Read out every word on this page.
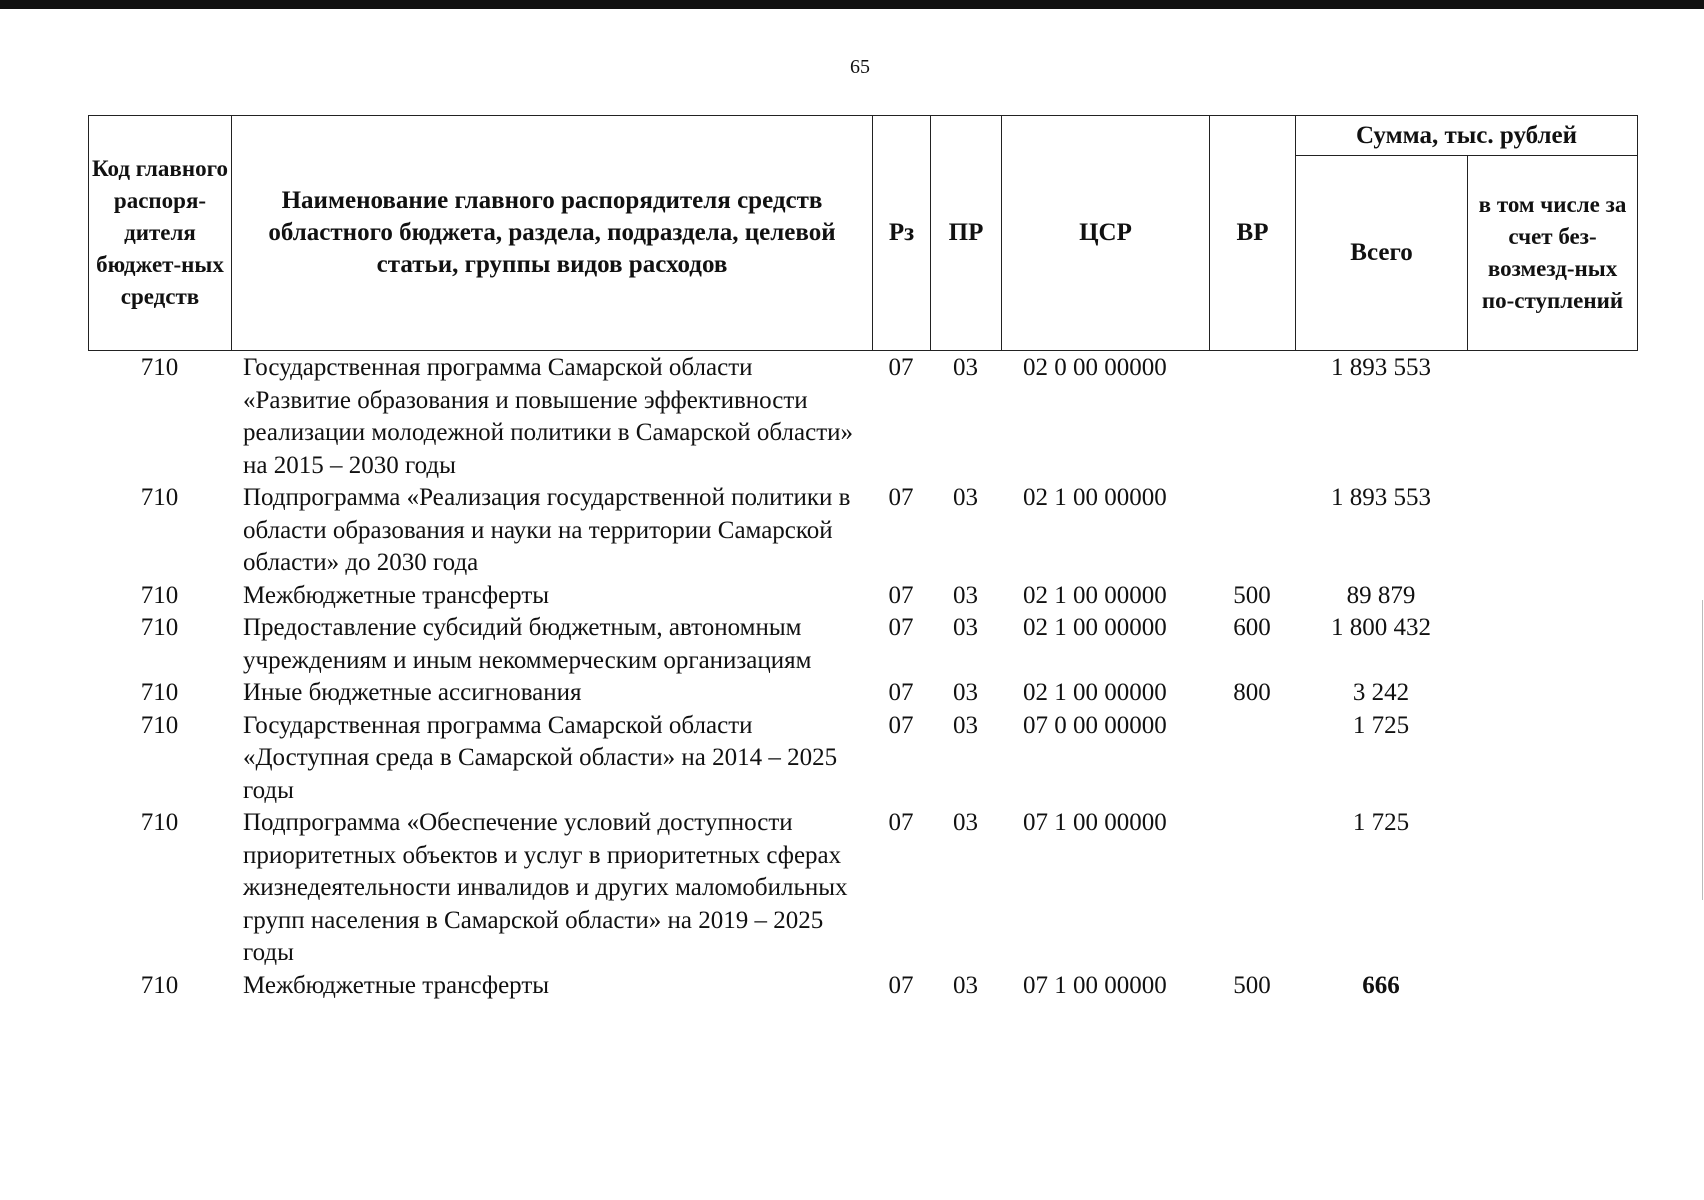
65
Код главного распоря-дителя бюджет-ных средств	Наименование главного распорядителя средств областного бюджета, раздела, подраздела, целевой статьи, группы видов расходов	Рз	ПР	ЦСР	ВР	Сумма, тыс. рублей	
						Всего	в том числе за счет без-возмезд-ных по-ступлений
710	Государственная программа Самарской области «Развитие образования и повышение эффективности реализации молодежной политики в Самарской области» на 2015 – 2030 годы	07	03	02 0 00 00000		1 893 553	
710	Подпрограмма «Реализация государственной политики в области образования и науки на территории Самарской области» до 2030 года	07	03	02 1 00 00000		1 893 553	
710	Межбюджетные трансферты	07	03	02 1 00 00000	500	89 879	
710	Предоставление субсидий бюджетным, автономным учреждениям и иным некоммерческим организациям	07	03	02 1 00 00000	600	1 800 432	
710	Иные бюджетные ассигнования	07	03	02 1 00 00000	800	3 242	
710	Государственная программа Самарской области «Доступная среда в Самарской области» на 2014 – 2025 годы	07	03	07 0 00 00000		1 725	
710	Подпрограмма «Обеспечение условий доступности приоритетных объектов и услуг в приоритетных сферах жизнедеятельности инвалидов и других маломобильных групп населения в Самарской области» на 2019 – 2025 годы	07	03	07 1 00 00000		1 725	
710	Межбюджетные трансферты	07	03	07 1 00 00000	500	666	
